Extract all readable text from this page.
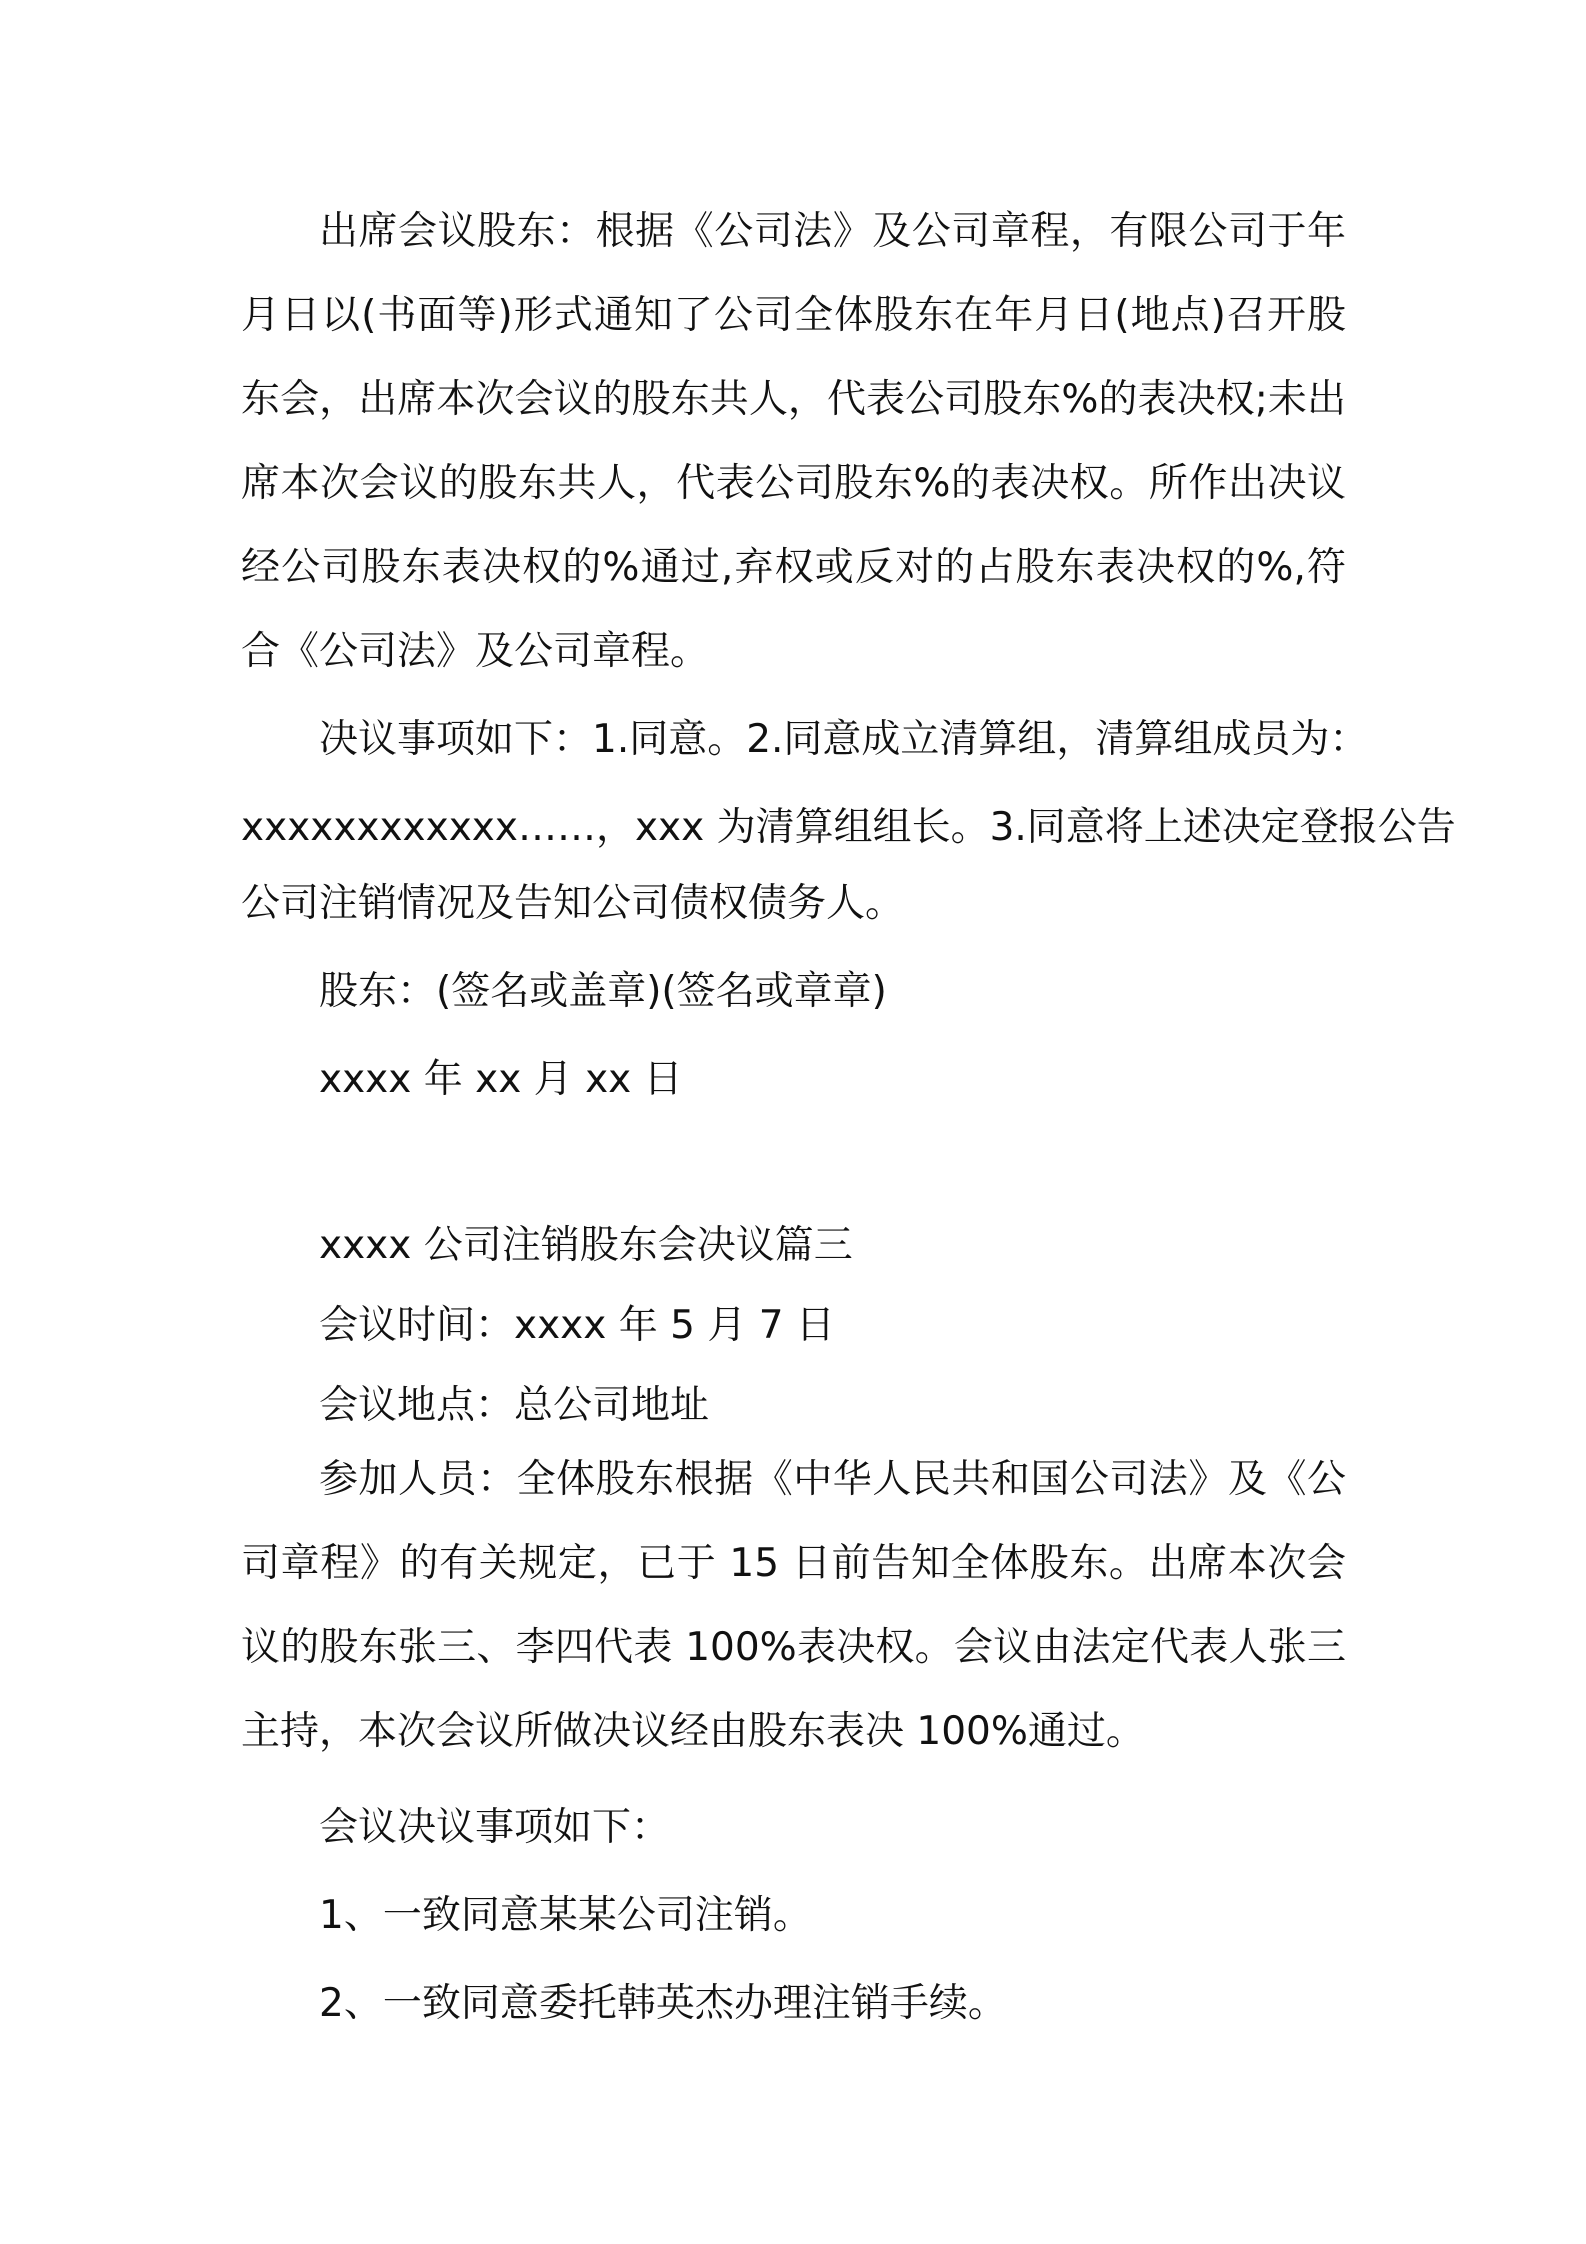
出席会议股东：根据《公司法》及公司章程，有限公司于年月日以(书面等)形式通知了公司全体股东在年月日(地点)召开股东会，出席本次会议的股东共人，代表公司股东%的表决权;未出席本次会议的股东共人，代表公司股东%的表决权。所作出决议经公司股东表决权的%通过,弃权或反对的占股东表决权的%,符合《公司法》及公司章程。

决议事项如下：1.同意。2.同意成立清算组，清算组成员为：

xxxxxxxxxxxx……，xxx 为清算组组长。3.同意将上述决定登报公告

公司注销情况及告知公司债权债务人。

股东：(签名或盖章)(签名或章章)

xxxx 年 xx 月 xx 日

xxxx 公司注销股东会决议篇三

会议时间：xxxx 年 5 月 7 日

会议地点：总公司地址

参加人员：全体股东根据《中华人民共和国公司法》及《公司章程》的有关规定，已于 15 日前告知全体股东。出席本次会议的股东张三、李四代表 100%表决权。会议由法定代表人张三主持，本次会议所做决议经由股东表决 100%通过。

会议决议事项如下：

1、一致同意某某公司注销。

2、一致同意委托韩英杰办理注销手续。
